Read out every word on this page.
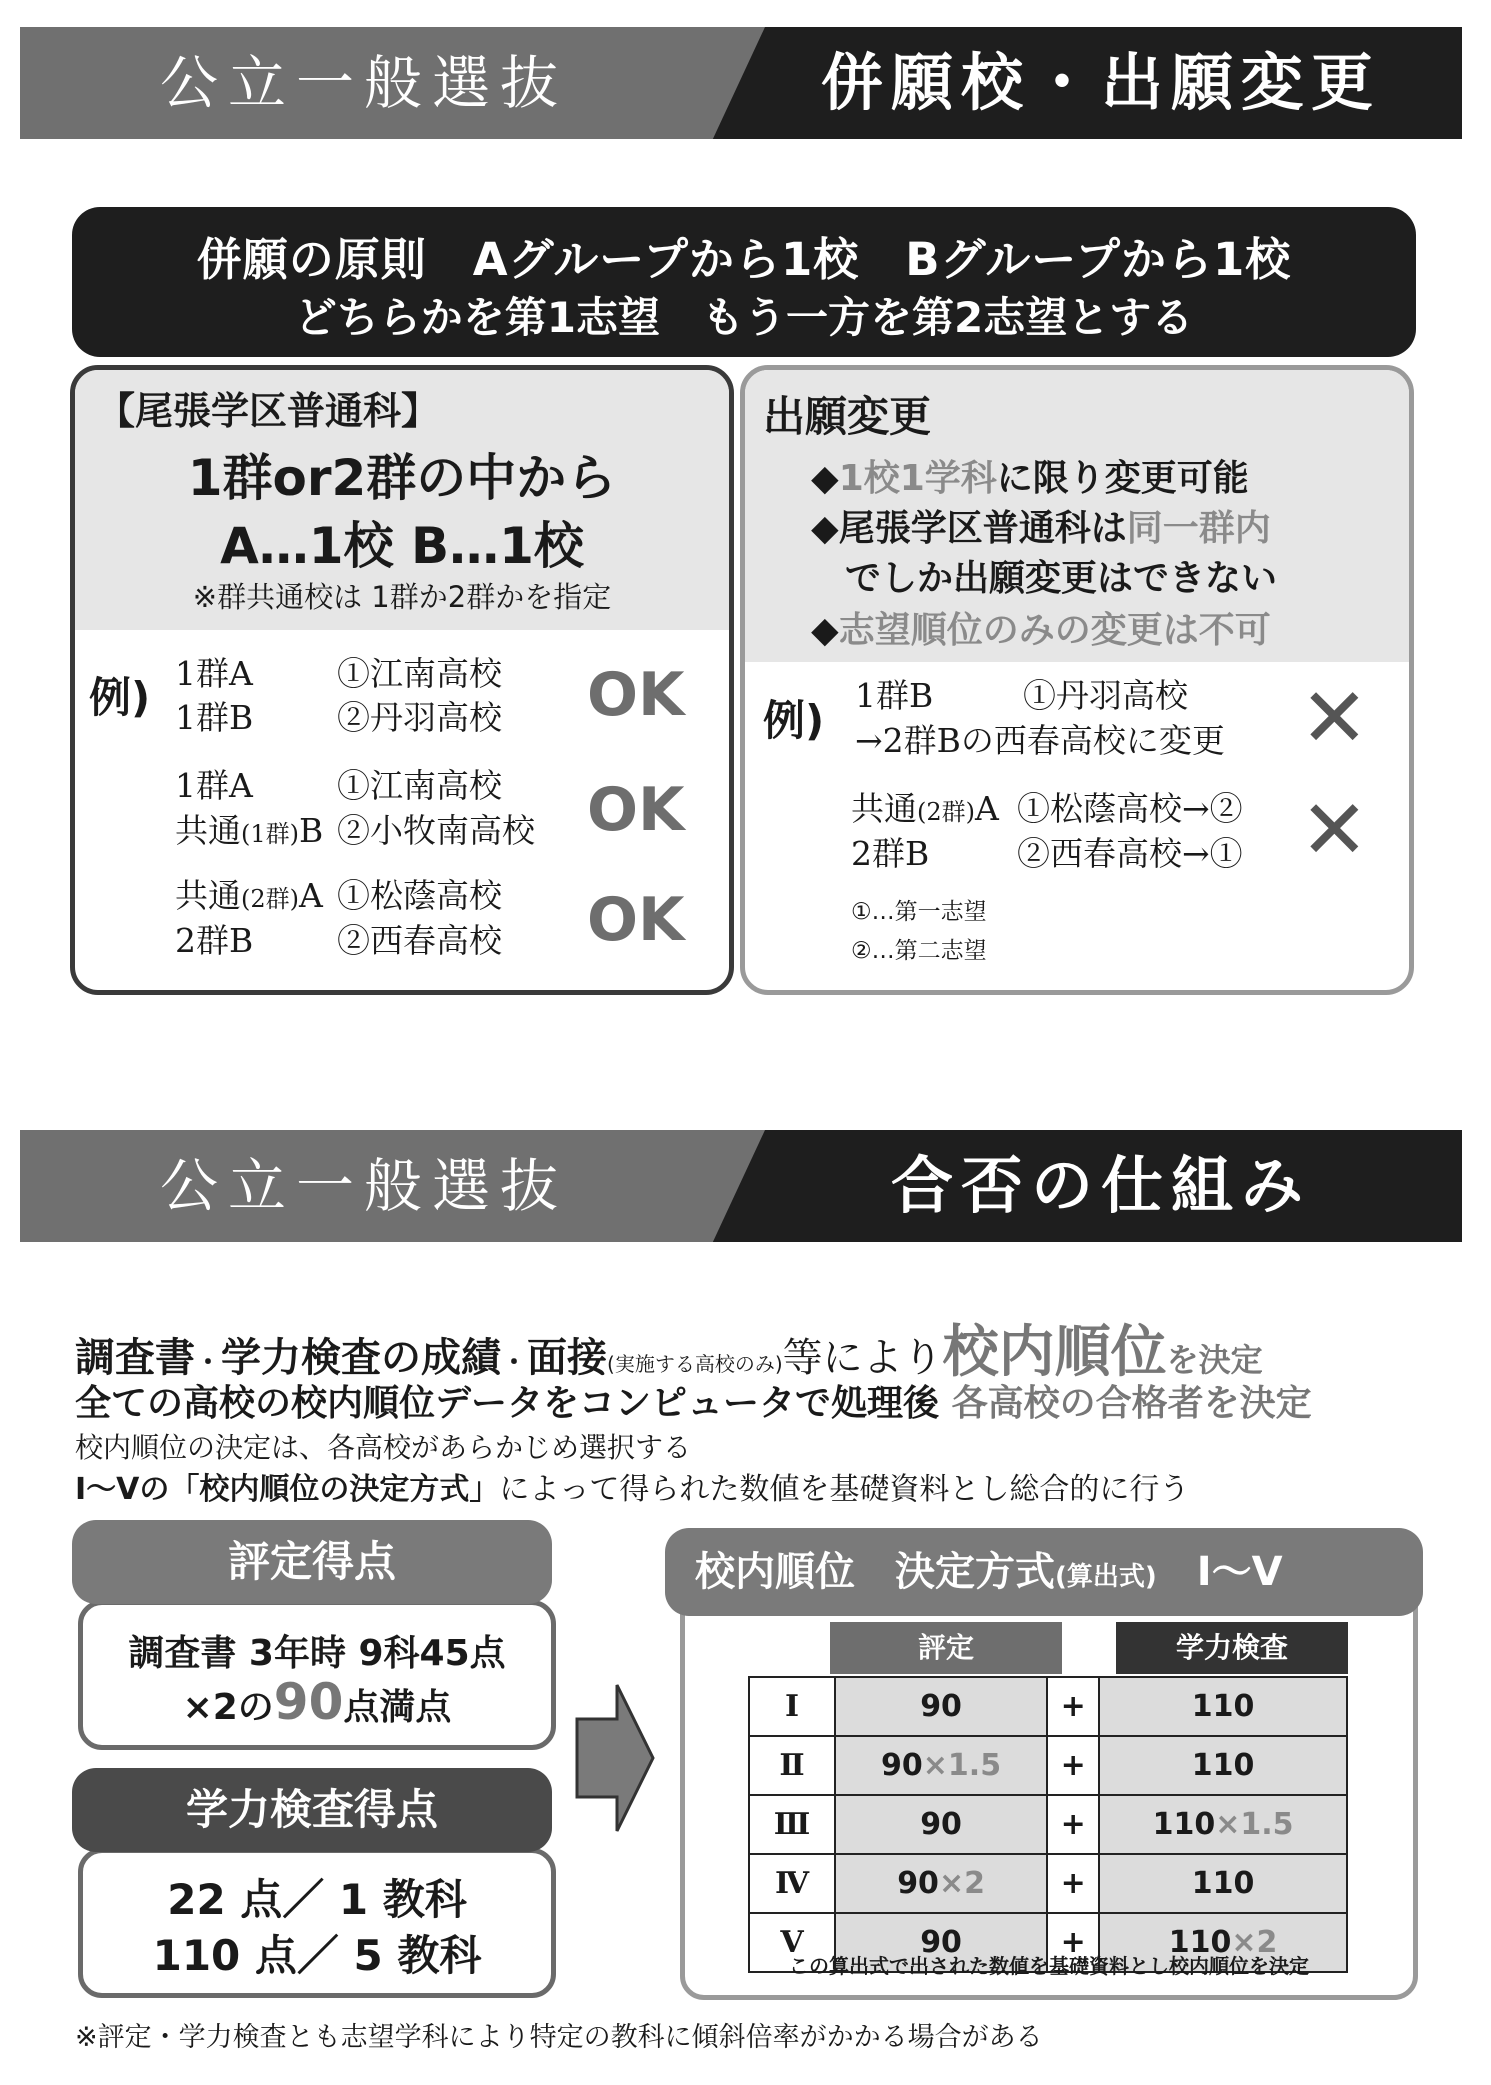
公立一般選抜	併願校・出願変更
併願の原則　Aグループから1校　Bグループから1校
どちらかを第1志望　もう一方を第2志望とする
【尾張学区普通科】
1群or2群の中から
A…1校 B…1校
※群共通校は 1群か2群かを指定
例) 1群A	①江南高校
1群B	②丹羽高校 OK
1群A	①江南高校
共通(1群)B ②小牧南高校 OK
共通(2群)A ①松蔭高校
2群B	②西春高校 OK
出願変更
◆1校1学科に限り変更可能
◆尾張学区普通科は同一群内
でしか出願変更はできない
◆志望順位のみの変更は不可
例)
1群B	①丹羽高校
→2群Bの西春高校に変更 ✕
共通(2群)A ①松蔭高校→②
2群B	②西春高校→① ✕
①…第一志望
②…第二志望
公立一般選抜	合否の仕組み
調査書・学力検査の成績・面接(実施する高校のみ)等により校内順位を決定
全ての高校の校内順位データをコンピュータで処理後 各高校の合格者を決定
校内順位の決定は、各高校があらかじめ選択する
Ⅰ～Ⅴの「校内順位の決定方式」によって得られた数値を基礎資料とし総合的に行う
調査書 3年時 9科45点
×2の90点満点
評定得点
22 点／ 1 教科
110 点／ 5 教科
学力検査得点
校内順位　決定方式(算出式) Ⅰ～Ⅴ
評定	学力検査
Ⅰ	90	+	110
Ⅱ	90×1.5	+	110
Ⅲ	90	+	110×1.5
Ⅳ	90×2	+	110
Ⅴ	90	+	110×2
この算出式で出された数値を基礎資料とし校内順位を決定
※評定・学力検査とも志望学科により特定の教科に傾斜倍率がかかる場合がある
